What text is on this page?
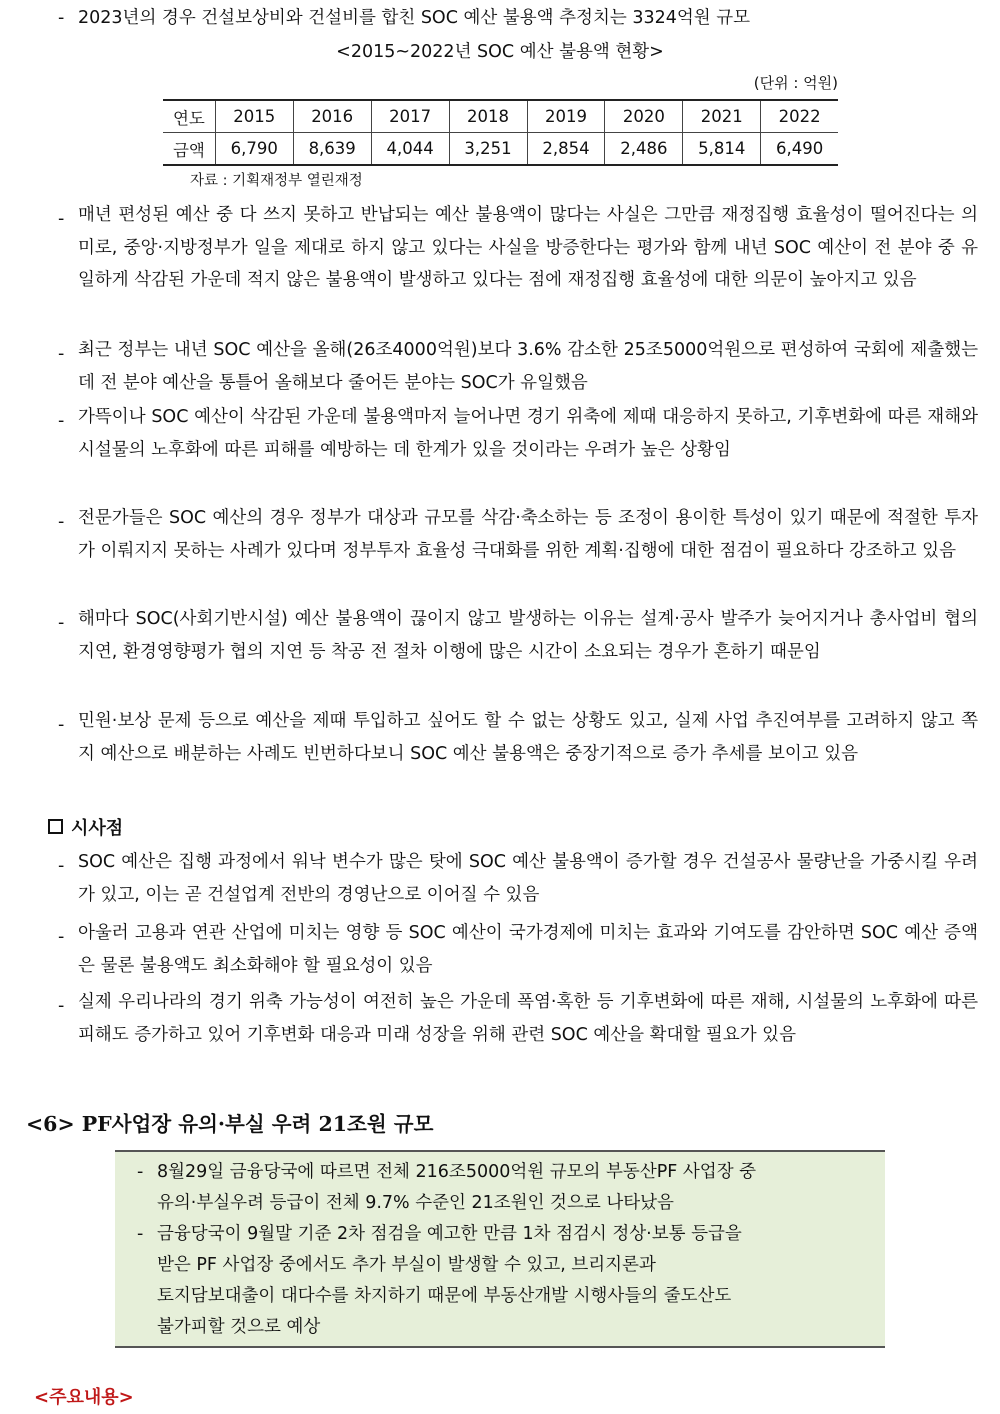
- 2023년의 경우 건설보상비와 건설비를 합친 SOC 예산 불용액 추정치는 3324억원 규모
<2015~2022년 SOC 예산 불용액 현황>
(단위 : 억원)
연도	2015	2016	2017	2018	2019	2020	2021	2022
금액	6,790	8,639	4,044	3,251	2,854	2,486	5,814	6,490
자료 : 기획재정부 열린재정
- 매년 편성된 예산 중 다 쓰지 못하고 반납되는 예산 불용액이 많다는 사실은 그만큼 재정집행 효율성이 떨어진다는 의미로, 중앙·지방정부가 일을 제대로 하지 않고 있다는 사실을 방증한다는 평가와 함께 내년 SOC 예산이 전 분야 중 유일하게 삭감된 가운데 적지 않은 불용액이 발생하고 있다는 점에 재정집행 효율성에 대한 의문이 높아지고 있음
- 최근 정부는 내년 SOC 예산을 올해(26조4000억원)보다 3.6% 감소한 25조5000억원으로 편성하여 국회에 제출했는데 전 분야 예산을 통틀어 올해보다 줄어든 분야는 SOC가 유일했음
- 가뜩이나 SOC 예산이 삭감된 가운데 불용액마저 늘어나면 경기 위축에 제때 대응하지 못하고, 기후변화에 따른 재해와 시설물의 노후화에 따른 피해를 예방하는 데 한계가 있을 것이라는 우려가 높은 상황임
- 전문가들은 SOC 예산의 경우 정부가 대상과 규모를 삭감·축소하는 등 조정이 용이한 특성이 있기 때문에 적절한 투자가 이뤄지지 못하는 사례가 있다며 정부투자 효율성 극대화를 위한 계획·집행에 대한 점검이 필요하다 강조하고 있음
- 해마다 SOC(사회기반시설) 예산 불용액이 끊이지 않고 발생하는 이유는 설계·공사 발주가 늦어지거나 총사업비 협의 지연, 환경영향평가 협의 지연 등 착공 전 절차 이행에 많은 시간이 소요되는 경우가 흔하기 때문임
- 민원·보상 문제 등으로 예산을 제때 투입하고 싶어도 할 수 없는 상황도 있고, 실제 사업 추진여부를 고려하지 않고 쪽지 예산으로 배분하는 사례도 빈번하다보니 SOC 예산 불용액은 중장기적으로 증가 추세를 보이고 있음
시사점
- SOC 예산은 집행 과정에서 워낙 변수가 많은 탓에 SOC 예산 불용액이 증가할 경우 건설공사 물량난을 가중시킬 우려가 있고, 이는 곧 건설업계 전반의 경영난으로 이어질 수 있음
- 아울러 고용과 연관 산업에 미치는 영향 등 SOC 예산이 국가경제에 미치는 효과와 기여도를 감안하면 SOC 예산 증액은 물론 불용액도 최소화해야 할 필요성이 있음
- 실제 우리나라의 경기 위축 가능성이 여전히 높은 가운데 폭염·혹한 등 기후변화에 따른 재해, 시설물의 노후화에 따른 피해도 증가하고 있어 기후변화 대응과 미래 성장을 위해 관련 SOC 예산을 확대할 필요가 있음
<6> PF사업장 유의·부실 우려 21조원 규모
- 8월29일 금융당국에 따르면 전체 216조5000억원 규모의 부동산PF 사업장 중
유의·부실우려 등급이 전체 9.7% 수준인 21조원인 것으로 나타났음
- 금융당국이 9월말 기준 2차 점검을 예고한 만큼 1차 점검시 정상·보통 등급을
받은 PF 사업장 중에서도 추가 부실이 발생할 수 있고, 브리지론과
토지담보대출이 대다수를 차지하기 때문에 부동산개발 시행사들의 줄도산도
불가피할 것으로 예상
<주요내용>
